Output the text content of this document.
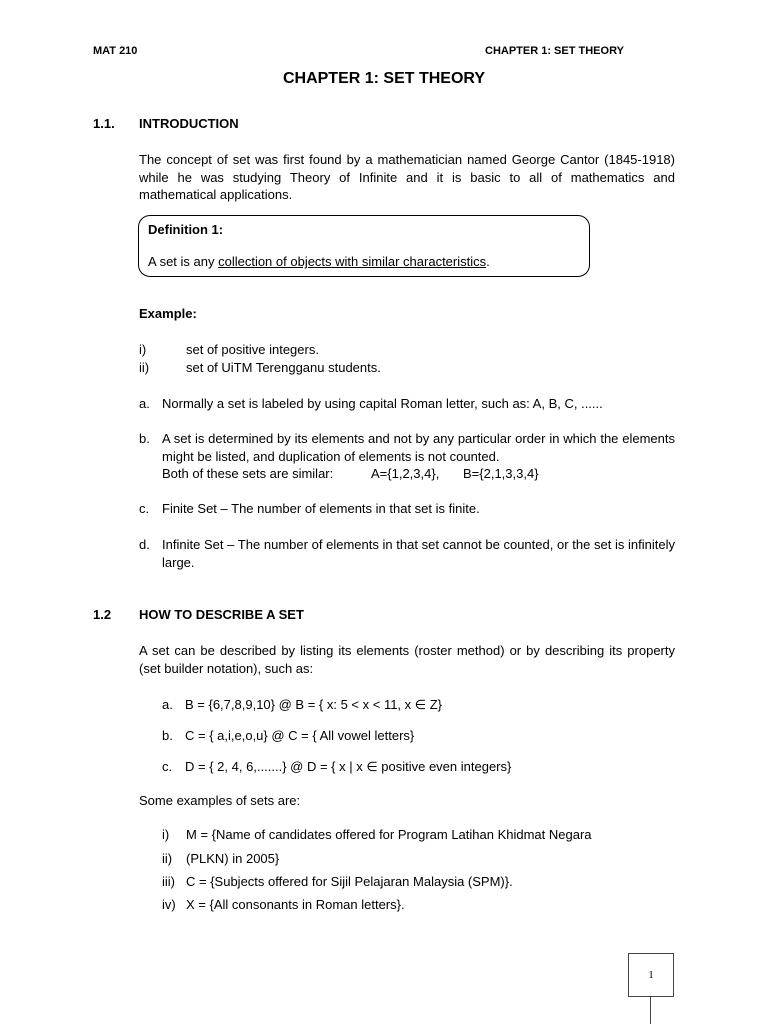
MAT 210	CHAPTER 1: SET THEORY
CHAPTER 1: SET THEORY
1.1. INTRODUCTION
The concept of set was first found by a mathematician named George Cantor (1845-1918) while he was studying Theory of Infinite and it is basic to all of mathematics and mathematical applications.
Definition 1:
A set is any collection of objects with similar characteristics.
Example:
i)	set of positive integers.
ii)	set of UiTM Terengganu students.
a. Normally a set is labeled by using capital Roman letter, such as: A, B, C, ......
b. A set is determined by its elements and not by any particular order in which the elements might be listed, and duplication of elements is not counted.
Both of these sets are similar:	A={1,2,3,4}, B={2,1,3,3,4}
c. Finite Set – The number of elements in that set is finite.
d. Infinite Set – The number of elements in that set cannot be counted, or the set is infinitely large.
1.2 HOW TO DESCRIBE A SET
A set can be described by listing its elements (roster method) or by describing its property (set builder notation), such as:
a. B = {6,7,8,9,10} @ B = { x: 5 < x < 11, x ∈ Z}
b. C = { a,i,e,o,u} @ C = { All vowel letters}
c. D = { 2, 4, 6,.......} @ D = { x | x ∈ positive even integers}
Some examples of sets are:
i) M = {Name of candidates offered for Program Latihan Khidmat Negara
ii) (PLKN) in 2005}
iii) C = {Subjects offered for Sijil Pelajaran Malaysia (SPM)}.
iv) X = {All consonants in Roman letters}.
1
